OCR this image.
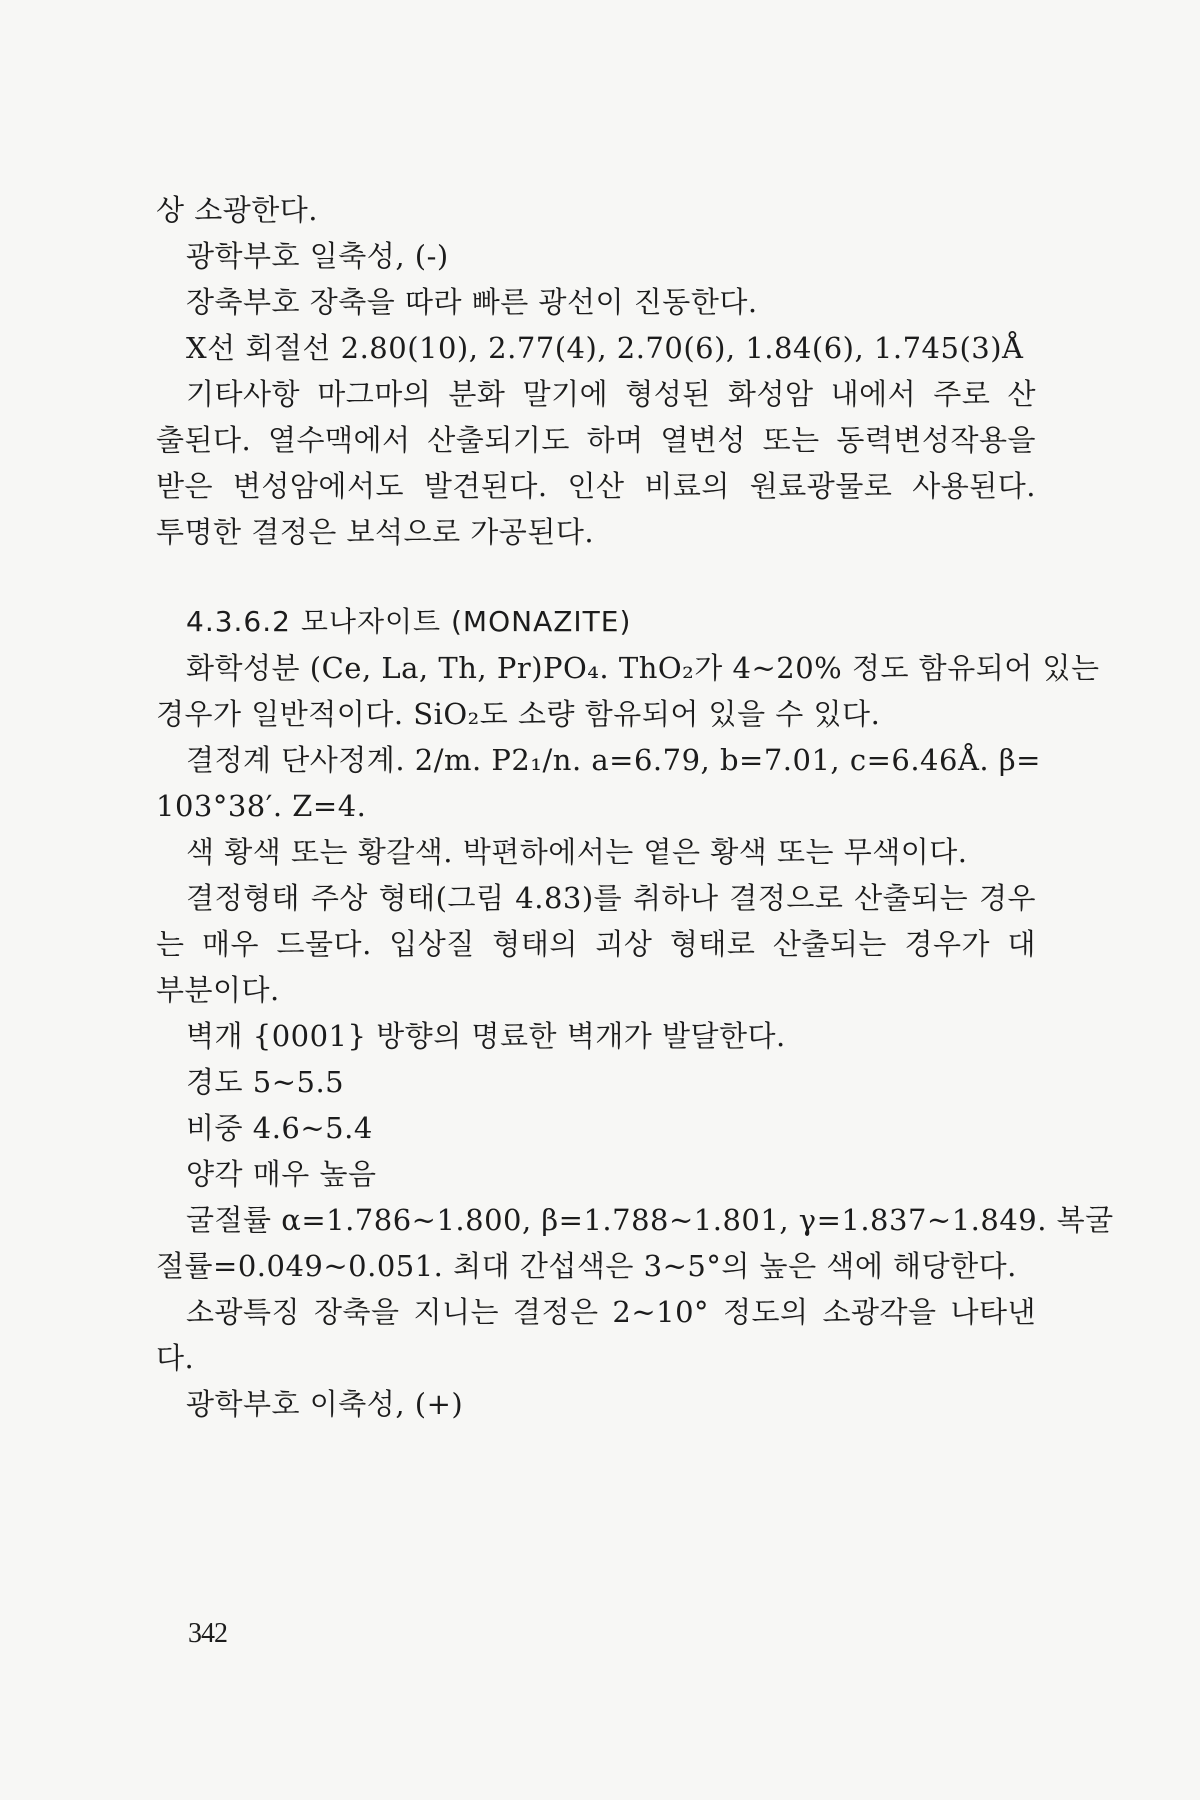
상 소광한다.
광학부호 일축성, (-)
장축부호 장축을 따라 빠른 광선이 진동한다.
X선 회절선 2.80(10), 2.77(4), 2.70(6), 1.84(6), 1.745(3)Å
기타사항 마그마의 분화 말기에 형성된 화성암 내에서 주로 산
출된다. 열수맥에서 산출되기도 하며 열변성 또는 동력변성작용을
받은 변성암에서도 발견된다. 인산 비료의 원료광물로 사용된다.
투명한 결정은 보석으로 가공된다.
4.3.6.2 모나자이트 (MONAZITE)
화학성분 (Ce, La, Th, Pr)PO₄. ThO₂가 4~20% 정도 함유되어 있는
경우가 일반적이다. SiO₂도 소량 함유되어 있을 수 있다.
결정계 단사정계. 2/m. P2₁/n. a=6.79, b=7.01, c=6.46Å. β=
103°38′. Z=4.
색 황색 또는 황갈색. 박편하에서는 옅은 황색 또는 무색이다.
결정형태 주상 형태(그림 4.83)를 취하나 결정으로 산출되는 경우
는 매우 드물다. 입상질 형태의 괴상 형태로 산출되는 경우가 대
부분이다.
벽개 {0001} 방향의 명료한 벽개가 발달한다.
경도 5~5.5
비중 4.6~5.4
양각 매우 높음
굴절률 α=1.786~1.800, β=1.788~1.801, γ=1.837~1.849. 복굴
절률=0.049~0.051. 최대 간섭색은 3~5°의 높은 색에 해당한다.
소광특징 장축을 지니는 결정은 2~10° 정도의 소광각을 나타낸
다.
광학부호 이축성, (+)
342
